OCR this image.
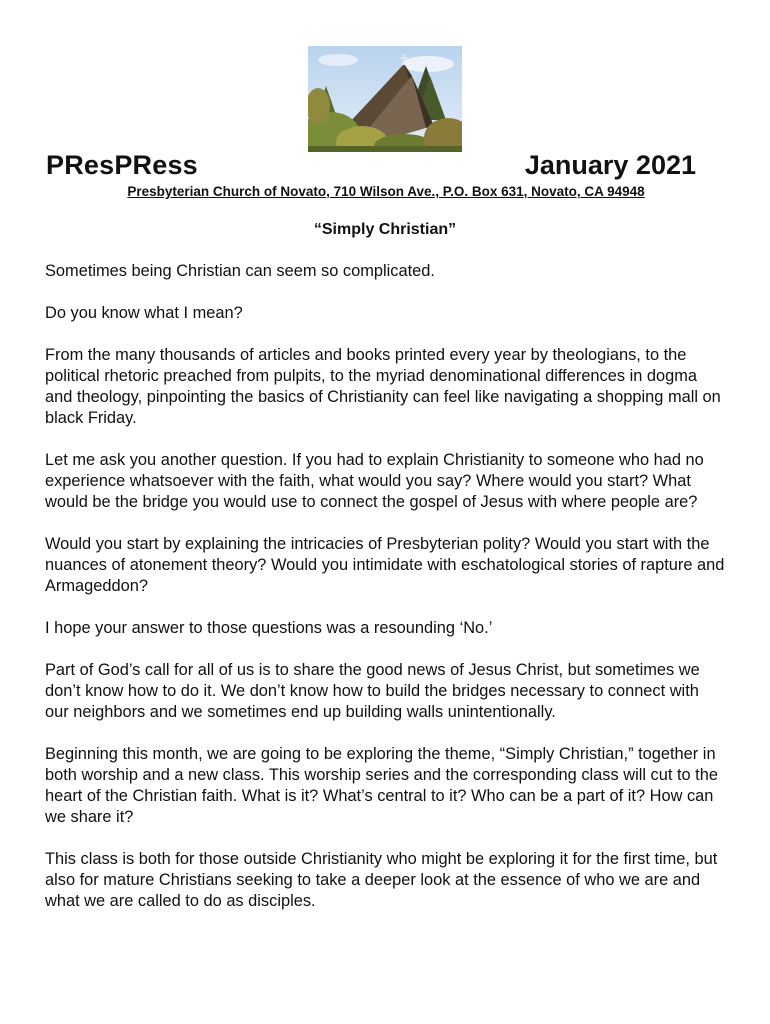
PResPRess	January 2021
Presbyterian Church of Novato, 710 Wilson Ave., P.O. Box 631, Novato, CA 94948
“Simply Christian”

Sometimes being Christian can seem so complicated.

Do you know what I mean?

From the many thousands of articles and books printed every year by theologians, to the political rhetoric preached from pulpits, to the myriad denominational differences in dogma and theology, pinpointing the basics of Christianity can feel like navigating a shopping mall on black Friday.

Let me ask you another question. If you had to explain Christianity to someone who had no experience whatsoever with the faith, what would you say? Where would you start? What would be the bridge you would use to connect the gospel of Jesus with where people are?

Would you start by explaining the intricacies of Presbyterian polity? Would you start with the nuances of atonement theory? Would you intimidate with eschatological stories of rapture and Armageddon?

I hope your answer to those questions was a resounding ‘No.’

Part of God’s call for all of us is to share the good news of Jesus Christ, but sometimes we don’t know how to do it. We don’t know how to build the bridges necessary to connect with our neighbors and we sometimes end up building walls unintentionally.

Beginning this month, we are going to be exploring the theme, “Simply Christian,” together in both worship and a new class. This worship series and the corresponding class will cut to the heart of the Christian faith. What is it? What’s central to it? Who can be a part of it? How can we share it?

This class is both for those outside Christianity who might be exploring it for the first time, but also for mature Christians seeking to take a deeper look at the essence of who we are and what we are called to do as disciples.
